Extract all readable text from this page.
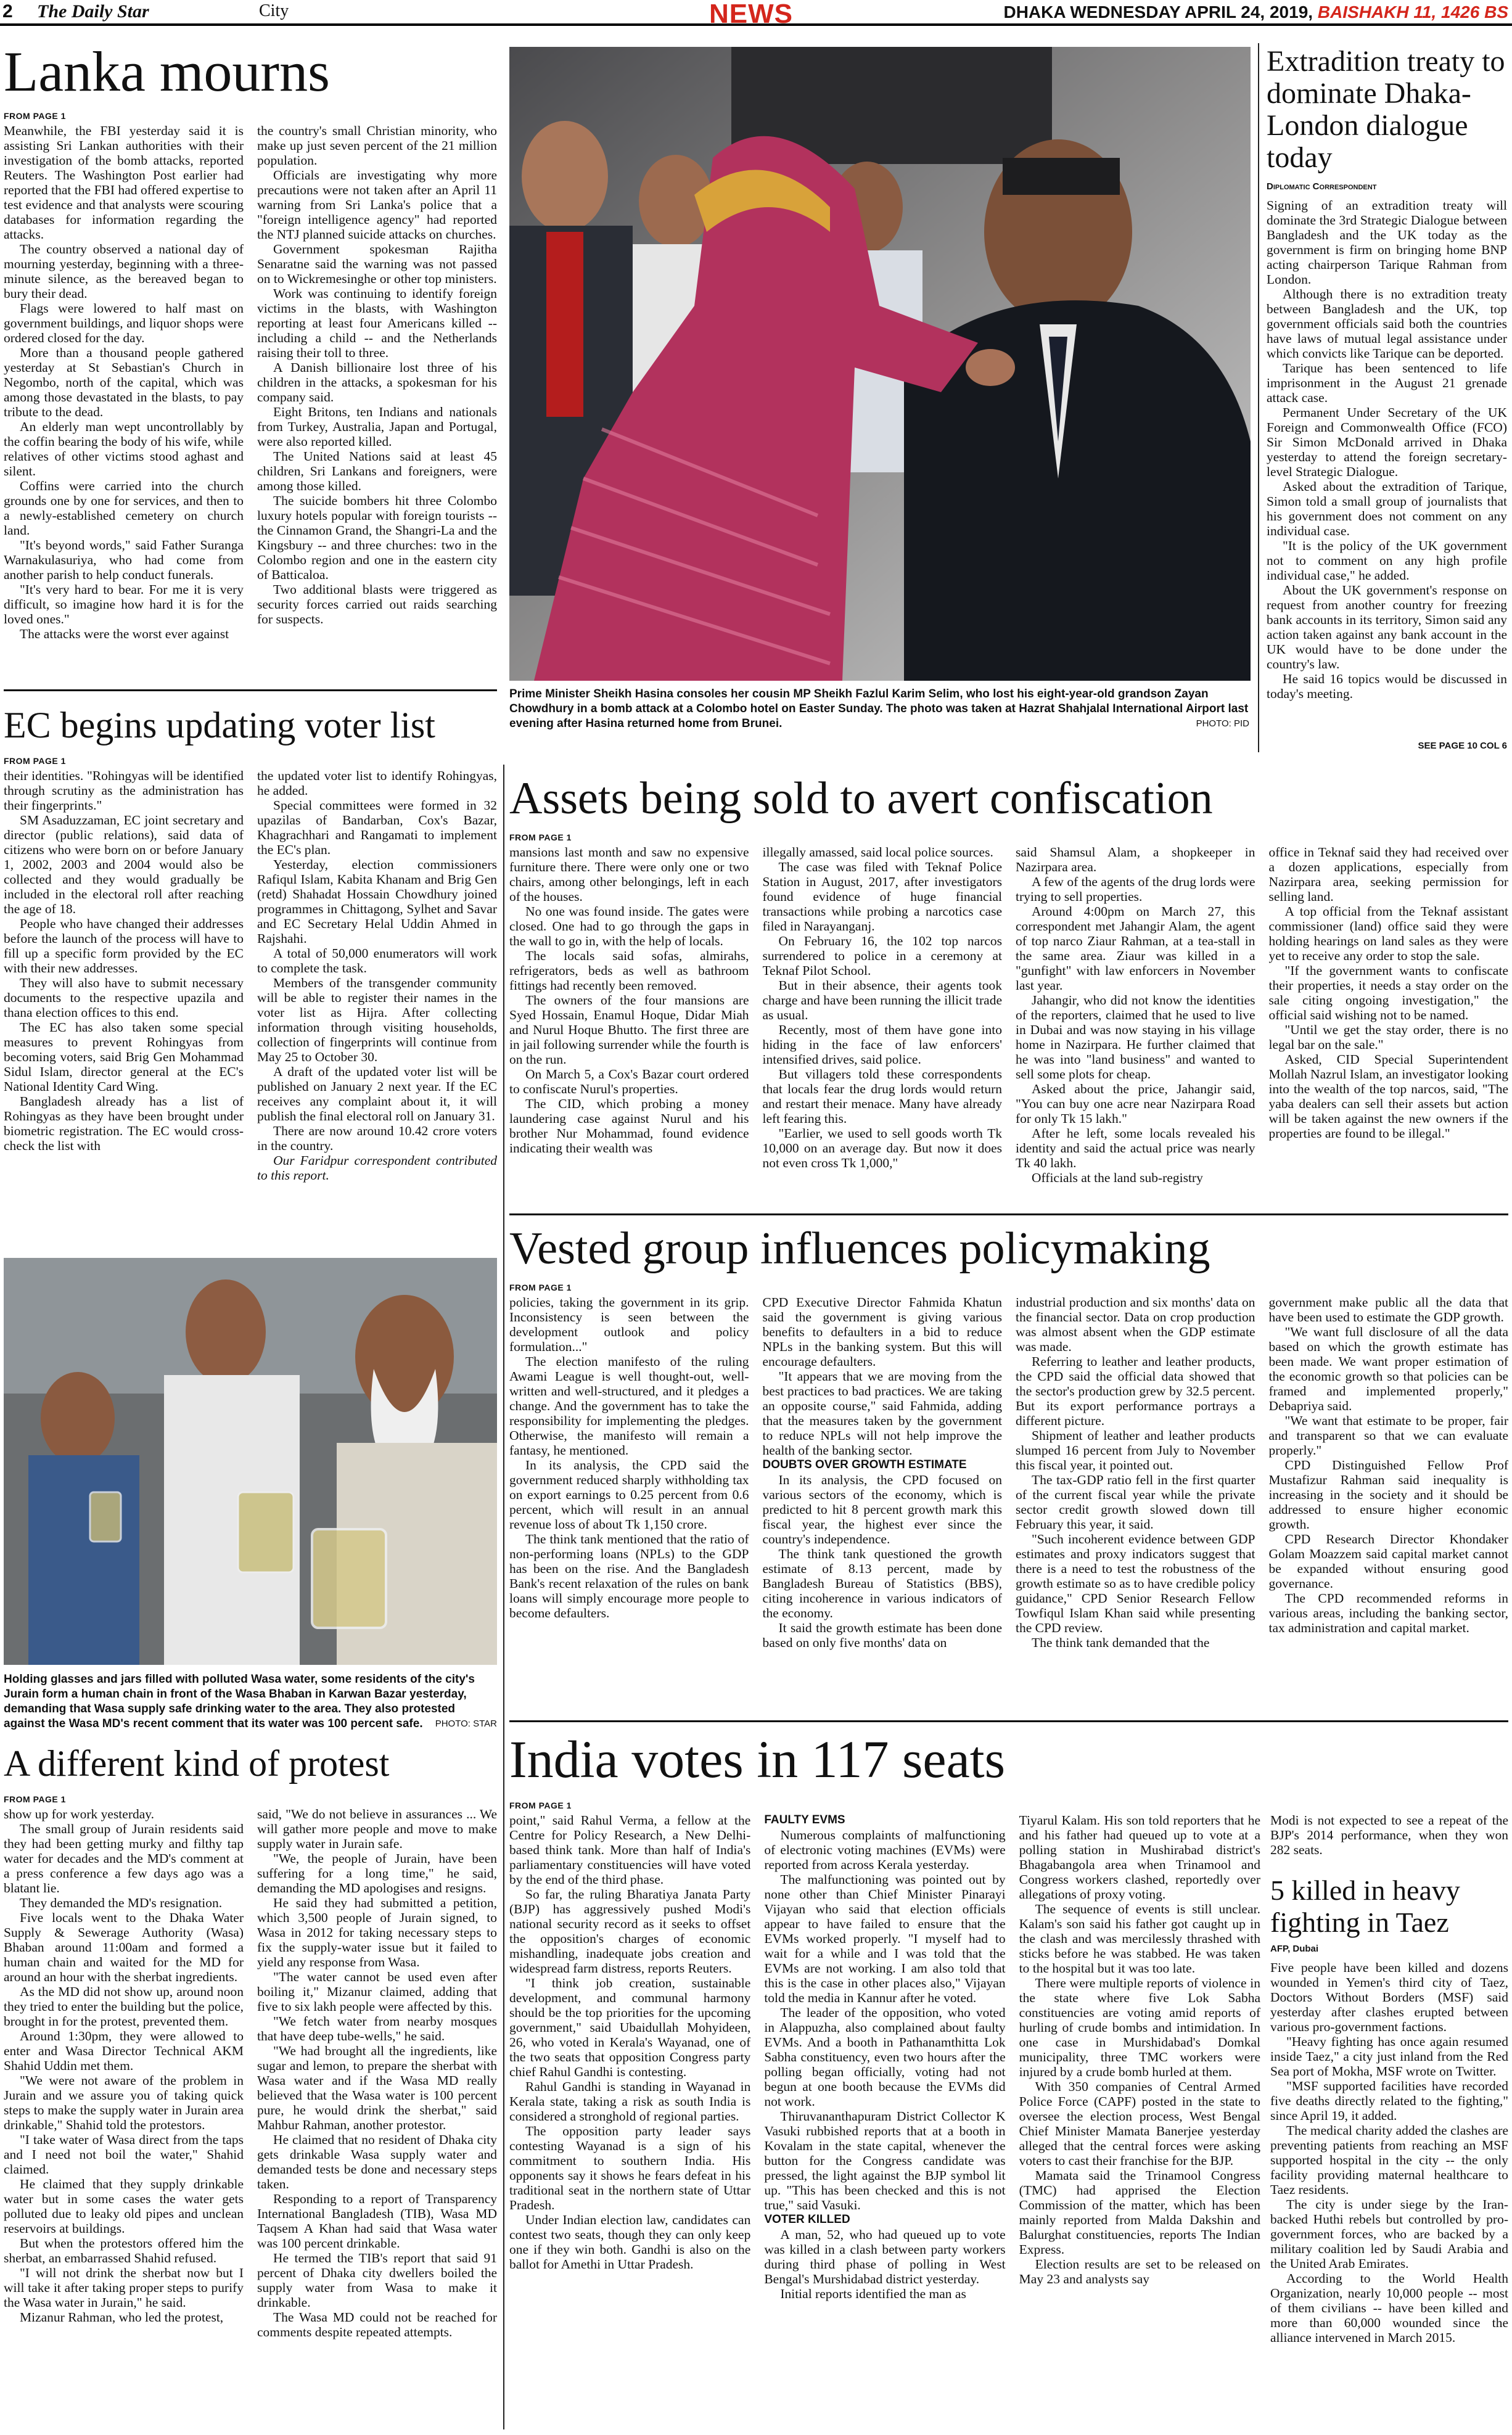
2 The Daily Star	City	NEWS	DHAKA WEDNESDAY APRIL 24, 2019, BAISHAKH 11, 1426 BS
Lanka mourns
FROM PAGE 1

Meanwhile, the FBI yesterday said it is assisting Sri Lankan authorities with their investigation of the bomb attacks, reported Reuters. The Washington Post earlier had reported that the FBI had offered expertise to test evidence and that analysts were scouring databases for information regarding the attacks.

The country observed a national day of mourning yesterday, beginning with a three-minute silence, as the bereaved began to bury their dead.

Flags were lowered to half mast on government buildings, and liquor shops were ordered closed for the day.

More than a thousand people gathered yesterday at St Sebastian's Church in Negombo, north of the capital, which was among those devastated in the blasts, to pay tribute to the dead.

An elderly man wept uncontrollably by the coffin bearing the body of his wife, while relatives of other victims stood aghast and silent.

Coffins were carried into the church grounds one by one for services, and then to a newly-established cemetery on church land.

"It's beyond words," said Father Suranga Warnakulasuriya, who had come from another parish to help conduct funerals.

"It's very hard to bear. For me it is very difficult, so imagine how hard it is for the loved ones."

The attacks were the worst ever against

the country's small Christian minority, who make up just seven percent of the 21 million population.

Officials are investigating why more precautions were not taken after an April 11 warning from Sri Lanka's police that a "foreign intelligence agency" had reported the NTJ planned suicide attacks on churches.

Government spokesman Rajitha Senaratne said the warning was not passed on to Wickremesinghe or other top ministers.

Work was continuing to identify foreign victims in the blasts, with Washington reporting at least four Americans killed -- including a child -- and the Netherlands raising their toll to three.

A Danish billionaire lost three of his children in the attacks, a spokesman for his company said.

Eight Britons, ten Indians and nationals from Turkey, Australia, Japan and Portugal, were also reported killed.

The United Nations said at least 45 children, Sri Lankans and foreigners, were among those killed.

The suicide bombers hit three Colombo luxury hotels popular with foreign tourists -- the Cinnamon Grand, the Shangri-La and the Kingsbury -- and three churches: two in the Colombo region and one in the eastern city of Batticaloa.

Two additional blasts were triggered as security forces carried out raids searching for suspects.

Prime Minister Sheikh Hasina consoles her cousin MP Sheikh Fazlul Karim Selim, who lost his eight-year-old grandson Zayan Chowdhury in a bomb attack at a Colombo hotel on Easter Sunday. The photo was taken at Hazrat Shahjalal International Airport last evening after Hasina returned home from Brunei.	PHOTO: PID
Extradition treaty to dominate Dhaka-London dialogue today
Diplomatic Correspondent

Signing of an extradition treaty will dominate the 3rd Strategic Dialogue between Bangladesh and the UK today as the government is firm on bringing home BNP acting chairperson Tarique Rahman from London.

Although there is no extradition treaty between Bangladesh and the UK, top government officials said both the countries have laws of mutual legal assistance under which convicts like Tarique can be deported.

Tarique has been sentenced to life imprisonment in the August 21 grenade attack case.

Permanent Under Secretary of the UK Foreign and Commonwealth Office (FCO) Sir Simon McDonald arrived in Dhaka yesterday to attend the foreign secretary-level Strategic Dialogue.

Asked about the extradition of Tarique, Simon told a small group of journalists that his government does not comment on any individual case.

"It is the policy of the UK government not to comment on any high profile individual case," he added.

About the UK government's response on request from another country for freezing bank accounts in its territory, Simon said any action taken against any bank account in the UK would have to be done under the country's law.

He said 16 topics would be discussed in today's meeting.

SEE PAGE 10 COL 6

EC begins updating voter list
FROM PAGE 1

their identities. "Rohingyas will be identified through scrutiny as the administration has their fingerprints."

SM Asaduzzaman, EC joint secretary and director (public relations), said data of citizens who were born on or before January 1, 2002, 2003 and 2004 would also be collected and they would gradually be included in the electoral roll after reaching the age of 18.

People who have changed their addresses before the launch of the process will have to fill up a specific form provided by the EC with their new addresses.

They will also have to submit necessary documents to the respective upazila and thana election offices to this end.

The EC has also taken some special measures to prevent Rohingyas from becoming voters, said Brig Gen Mohammad Sidul Islam, director general at the EC's National Identity Card Wing.

Bangladesh already has a list of Rohingyas as they have been brought under biometric registration. The EC would cross-check the list with

the updated voter list to identify Rohingyas, he added.

Special committees were formed in 32 upazilas of Bandarban, Cox's Bazar, Khagrachhari and Rangamati to implement the EC's plan.

Yesterday, election commissioners Rafiqul Islam, Kabita Khanam and Brig Gen (retd) Shahadat Hossain Chowdhury joined programmes in Chittagong, Sylhet and Savar and EC Secretary Helal Uddin Ahmed in Rajshahi.

A total of 50,000 enumerators will work to complete the task.

Members of the transgender community will be able to register their names in the voter list as Hijra. After collecting information through visiting households, collection of fingerprints will continue from May 25 to October 30.

A draft of the updated voter list will be published on January 2 next year. If the EC receives any complaint about it, it will publish the final electoral roll on January 31.

There are now around 10.42 crore voters in the country.

Our Faridpur correspondent contributed to this report.

Holding glasses and jars filled with polluted Wasa water, some residents of the city's Jurain form a human chain in front of the Wasa Bhaban in Karwan Bazar yesterday, demanding that Wasa supply safe drinking water to the area. They also protested against the Wasa MD's recent comment that its water was 100 percent safe. PHOTO: STAR
A different kind of protest
FROM PAGE 1

show up for work yesterday.

The small group of Jurain residents said they had been getting murky and filthy tap water for decades and the MD's comment at a press conference a few days ago was a blatant lie.

They demanded the MD's resignation.

Five locals went to the Dhaka Water Supply & Sewerage Authority (Wasa) Bhaban around 11:00am and formed a human chain and waited for the MD for around an hour with the sherbat ingredients.

As the MD did not show up, around noon they tried to enter the building but the police, brought in for the protest, prevented them.

Around 1:30pm, they were allowed to enter and Wasa Director Technical AKM Shahid Uddin met them.

"We were not aware of the problem in Jurain and we assure you of taking quick steps to make the supply water in Jurain area drinkable," Shahid told the protestors.

"I take water of Wasa direct from the taps and I need not boil the water," Shahid claimed.

He claimed that they supply drinkable water but in some cases the water gets polluted due to leaky old pipes and unclean reservoirs at buildings.

But when the protestors offered him the sherbat, an embarrassed Shahid refused.

"I will not drink the sherbat now but I will take it after taking proper steps to purify the Wasa water in Jurain," he said.

Mizanur Rahman, who led the protest,

said, "We do not believe in assurances ... We will gather more people and move to make supply water in Jurain safe.

"We, the people of Jurain, have been suffering for a long time," he said, demanding the MD apologises and resigns.

He said they had submitted a petition, which 3,500 people of Jurain signed, to Wasa in 2012 for taking necessary steps to fix the supply-water issue but it failed to yield any response from Wasa.

"The water cannot be used even after boiling it," Mizanur claimed, adding that five to six lakh people were affected by this.

"We fetch water from nearby mosques that have deep tube-wells," he said.

"We had brought all the ingredients, like sugar and lemon, to prepare the sherbat with Wasa water and if the Wasa MD really believed that the Wasa water is 100 percent pure, he would drink the sherbat," said Mahbur Rahman, another protestor.

He claimed that no resident of Dhaka city gets drinkable Wasa supply water and demanded tests be done and necessary steps taken.

Responding to a report of Transparency International Bangladesh (TIB), Wasa MD Taqsem A Khan had said that Wasa water was 100 percent drinkable.

He termed the TIB's report that said 91 percent of Dhaka city dwellers boiled the supply water from Wasa to make it drinkable.

The Wasa MD could not be reached for comments despite repeated attempts.

Assets being sold to avert confiscation
FROM PAGE 1

mansions last month and saw no expensive furniture there. There were only one or two chairs, among other belongings, left in each of the houses.

No one was found inside. The gates were closed. One had to go through the gaps in the wall to go in, with the help of locals.

The locals said sofas, almirahs, refrigerators, beds as well as bathroom fittings had recently been removed.

The owners of the four mansions are Syed Hossain, Enamul Hoque, Didar Miah and Nurul Hoque Bhutto. The first three are in jail following surrender while the fourth is on the run.

On March 5, a Cox's Bazar court ordered to confiscate Nurul's properties.

The CID, which probing a money laundering case against Nurul and his brother Nur Mohammad, found evidence indicating their wealth was

illegally amassed, said local police sources.

The case was filed with Teknaf Police Station in August, 2017, after investigators found evidence of huge financial transactions while probing a narcotics case filed in Narayanganj.

On February 16, the 102 top narcos surrendered to police in a ceremony at Teknaf Pilot School.

But in their absence, their agents took charge and have been running the illicit trade as usual.

Recently, most of them have gone into hiding in the face of law enforcers' intensified drives, said police.

But villagers told these correspondents that locals fear the drug lords would return and restart their menace. Many have already left fearing this.

"Earlier, we used to sell goods worth Tk 10,000 on an average day. But now it does not even cross Tk 1,000,"

said Shamsul Alam, a shopkeeper in Nazirpara area.

A few of the agents of the drug lords were trying to sell properties.

Around 4:00pm on March 27, this correspondent met Jahangir Alam, the agent of top narco Ziaur Rahman, at a tea-stall in the same area. Ziaur was killed in a "gunfight" with law enforcers in November last year.

Jahangir, who did not know the identities of the reporters, claimed that he used to live in Dubai and was now staying in his village home in Nazirpara. He further claimed that he was into "land business" and wanted to sell some plots for cheap.

Asked about the price, Jahangir said, "You can buy one acre near Nazirpara Road for only Tk 15 lakh."

After he left, some locals revealed his identity and said the actual price was nearly Tk 40 lakh.

Officials at the land sub-registry

office in Teknaf said they had received over a dozen applications, especially from Nazirpara area, seeking permission for selling land.

A top official from the Teknaf assistant commissioner (land) office said they were holding hearings on land sales as they were yet to receive any order to stop the sale.

"If the government wants to confiscate their properties, it needs a stay order on the sale citing ongoing investigation," the official said wishing not to be named.

"Until we get the stay order, there is no legal bar on the sale."

Asked, CID Special Superintendent Mollah Nazrul Islam, an investigator looking into the wealth of the top narcos, said, "The yaba dealers can sell their assets but action will be taken against the new owners if the properties are found to be illegal."

Vested group influences policymaking
FROM PAGE 1

policies, taking the government in its grip. Inconsistency is seen between the development outlook and policy formulation..."

The election manifesto of the ruling Awami League is well thought-out, well-written and well-structured, and it pledges a change. And the government has to take the responsibility for implementing the pledges. Otherwise, the manifesto will remain a fantasy, he mentioned.

In its analysis, the CPD said the government reduced sharply withholding tax on export earnings to 0.25 percent from 0.6 percent, which will result in an annual revenue loss of about Tk 1,150 crore.

The think tank mentioned that the ratio of non-performing loans (NPLs) to the GDP has been on the rise. And the Bangladesh Bank's recent relaxation of the rules on bank loans will simply encourage more people to become defaulters.

CPD Executive Director Fahmida Khatun said the government is giving various benefits to defaulters in a bid to reduce NPLs in the banking system. But this will encourage defaulters.

"It appears that we are moving from the best practices to bad practices. We are taking an opposite course," said Fahmida, adding that the measures taken by the government to reduce NPLs will not help improve the health of the banking sector.

DOUBTS OVER GROWTH ESTIMATE

In its analysis, the CPD focused on various sectors of the economy, which is predicted to hit 8 percent growth mark this fiscal year, the highest ever since the country's independence.

The think tank questioned the growth estimate of 8.13 percent, made by Bangladesh Bureau of Statistics (BBS), citing incoherence in various indicators of the economy.

It said the growth estimate has been done based on only five months' data on

industrial production and six months' data on the financial sector. Data on crop production was almost absent when the GDP estimate was made.

Referring to leather and leather products, the CPD said the official data showed that the sector's production grew by 32.5 percent. But its export performance portrays a different picture.

Shipment of leather and leather products slumped 16 percent from July to November this fiscal year, it pointed out.

The tax-GDP ratio fell in the first quarter of the current fiscal year while the private sector credit growth slowed down till February this year, it said.

"Such incoherent evidence between GDP estimates and proxy indicators suggest that there is a need to test the robustness of the growth estimate so as to have credible policy guidance," CPD Senior Research Fellow Towfiqul Islam Khan said while presenting the CPD review.

The think tank demanded that the

government make public all the data that have been used to estimate the GDP growth.

"We want full disclosure of all the data based on which the growth estimate has been made. We want proper estimation of the economic growth so that policies can be framed and implemented properly," Debapriya said.

"We want that estimate to be proper, fair and transparent so that we can evaluate properly."

CPD Distinguished Fellow Prof Mustafizur Rahman said inequality is increasing in the society and it should be addressed to ensure higher economic growth.

CPD Research Director Khondaker Golam Moazzem said capital market cannot be expanded without ensuring good governance.

The CPD recommended reforms in various areas, including the banking sector, tax administration and capital market.

India votes in 117 seats
FROM PAGE 1

point," said Rahul Verma, a fellow at the Centre for Policy Research, a New Delhi-based think tank. More than half of India's parliamentary constituencies will have voted by the end of the third phase.

So far, the ruling Bharatiya Janata Party (BJP) has aggressively pushed Modi's national security record as it seeks to offset the opposition's charges of economic mishandling, inadequate jobs creation and widespread farm distress, reports Reuters.

"I think job creation, sustainable development, and communal harmony should be the top priorities for the upcoming government," said Ubaidullah Mohyideen, 26, who voted in Kerala's Wayanad, one of the two seats that opposition Congress party chief Rahul Gandhi is contesting.

Rahul Gandhi is standing in Wayanad in Kerala state, taking a risk as south India is considered a stronghold of regional parties.

The opposition party leader says contesting Wayanad is a sign of his commitment to southern India. His opponents say it shows he fears defeat in his traditional seat in the northern state of Uttar Pradesh.

Under Indian election law, candidates can contest two seats, though they can only keep one if they win both. Gandhi is also on the ballot for Amethi in Uttar Pradesh.

FAULTY EVMS

Numerous complaints of malfunctioning of electronic voting machines (EVMs) were reported from across Kerala yesterday.

The malfunctioning was pointed out by none other than Chief Minister Pinarayi Vijayan who said that election officials appear to have failed to ensure that the EVMs worked properly. "I myself had to wait for a while and I was told that the EVMs are not working. I am also told that this is the case in other places also," Vijayan told the media in Kannur after he voted.

The leader of the opposition, who voted in Alappuzha, also complained about faulty EVMs. And a booth in Pathanamthitta Lok Sabha constituency, even two hours after the polling began officially, voting had not begun at one booth because the EVMs did not work.

Thiruvananthapuram District Collector K Vasuki rubbished reports that at a booth in Kovalam in the state capital, whenever the button for the Congress candidate was pressed, the light against the BJP symbol lit up. "This has been checked and this is not true," said Vasuki.

VOTER KILLED

A man, 52, who had queued up to vote was killed in a clash between party workers during third phase of polling in West Bengal's Murshidabad district yesterday.

Initial reports identified the man as

Tiyarul Kalam. His son told reporters that he and his father had queued up to vote at a polling station in Mushirabad district's Bhagabangola area when Trinamool and Congress workers clashed, reportedly over allegations of proxy voting.

The sequence of events is still unclear. Kalam's son said his father got caught up in the clash and was mercilessly thrashed with sticks before he was stabbed. He was taken to the hospital but it was too late.

There were multiple reports of violence in the state where five Lok Sabha constituencies are voting amid reports of hurling of crude bombs and intimidation. In one case in Murshidabad's Domkal municipality, three TMC workers were injured by a crude bomb hurled at them.

With 350 companies of Central Armed Police Force (CAPF) posted in the state to oversee the election process, West Bengal Chief Minister Mamata Banerjee yesterday alleged that the central forces were asking voters to cast their franchise for the BJP.

Mamata said the Trinamool Congress (TMC) had apprised the Election Commission of the matter, which has been mainly reported from Malda Dakshin and Balurghat constituencies, reports The Indian Express.

Election results are set to be released on May 23 and analysts say

Modi is not expected to see a repeat of the BJP's 2014 performance, when they won 282 seats.

5 killed in heavy fighting in Taez
AFP, Dubai

Five people have been killed and dozens wounded in Yemen's third city of Taez, Doctors Without Borders (MSF) said yesterday after clashes erupted between various pro-government factions.

"Heavy fighting has once again resumed inside Taez," a city just inland from the Red Sea port of Mokha, MSF wrote on Twitter.

"MSF supported facilities have recorded five deaths directly related to the fighting," since April 19, it added.

The medical charity added the clashes are preventing patients from reaching an MSF supported hospital in the city -- the only facility providing maternal healthcare to Taez residents.

The city is under siege by the Iran-backed Huthi rebels but controlled by pro-government forces, who are backed by a military coalition led by Saudi Arabia and the United Arab Emirates.

According to the World Health Organization, nearly 10,000 people -- most of them civilians -- have been killed and more than 60,000 wounded since the alliance intervened in March 2015.
